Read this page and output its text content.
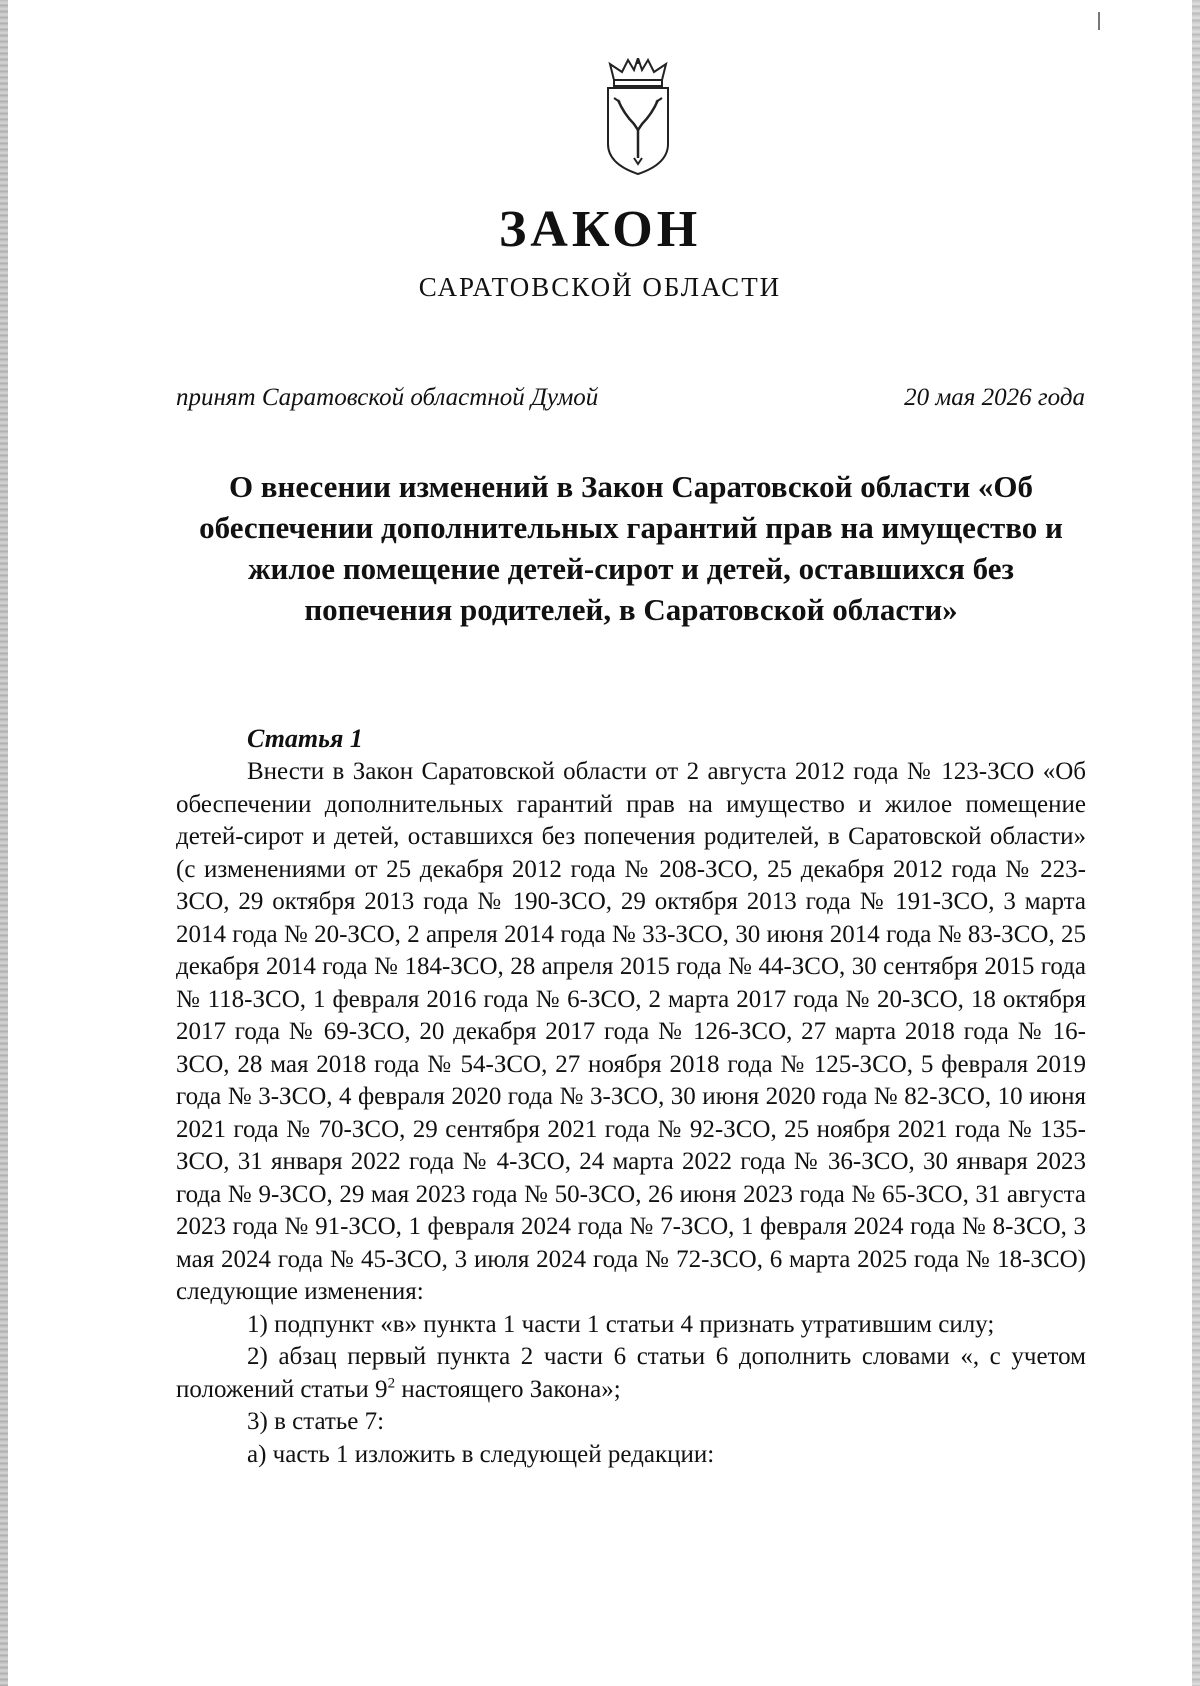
ЗАКОН
САРАТОВСКОЙ ОБЛАСТИ
принят Саратовской областной Думой	20 мая 2026 года
О внесении изменений в Закон Саратовской области «Об обеспечении дополнительных гарантий прав на имущество и жилое помещение детей-сирот и детей, оставшихся без попечения родителей, в Саратовской области»
Статья 1

Внести в Закон Саратовской области от 2 августа 2012 года № 123-ЗСО «Об обеспечении дополнительных гарантий прав на имущество и жилое помещение детей-сирот и детей, оставшихся без попечения родителей, в Саратовской области» (с изменениями от 25 декабря 2012 года № 208-ЗСО, 25 декабря 2012 года № 223-ЗСО, 29 октября 2013 года № 190-ЗСО, 29 октября 2013 года № 191-ЗСО, 3 марта 2014 года № 20-ЗСО, 2 апреля 2014 года № 33-ЗСО, 30 июня 2014 года № 83-ЗСО, 25 декабря 2014 года № 184-ЗСО, 28 апреля 2015 года № 44-ЗСО, 30 сентября 2015 года № 118-ЗСО, 1 февраля 2016 года № 6-ЗСО, 2 марта 2017 года № 20-ЗСО, 18 октября 2017 года № 69-ЗСО, 20 декабря 2017 года № 126-ЗСО, 27 марта 2018 года № 16-ЗСО, 28 мая 2018 года № 54-ЗСО, 27 ноября 2018 года № 125-ЗСО, 5 февраля 2019 года № 3-ЗСО, 4 февраля 2020 года № 3-ЗСО, 30 июня 2020 года № 82-ЗСО, 10 июня 2021 года № 70-ЗСО, 29 сентября 2021 года № 92-ЗСО, 25 ноября 2021 года № 135-ЗСО, 31 января 2022 года № 4-ЗСО, 24 марта 2022 года № 36-ЗСО, 30 января 2023 года № 9-ЗСО, 29 мая 2023 года № 50-ЗСО, 26 июня 2023 года № 65-ЗСО, 31 августа 2023 года № 91-ЗСО, 1 февраля 2024 года № 7-ЗСО, 1 февраля 2024 года № 8-ЗСО, 3 мая 2024 года № 45-ЗСО, 3 июля 2024 года № 72-ЗСО, 6 марта 2025 года № 18-ЗСО) следующие изменения:

1) подпункт «в» пункта 1 части 1 статьи 4 признать утратившим силу;

2) абзац первый пункта 2 части 6 статьи 6 дополнить словами «, с учетом положений статьи $9^2$ настоящего Закона»;

3) в статье 7:

а) часть 1 изложить в следующей редакции:
